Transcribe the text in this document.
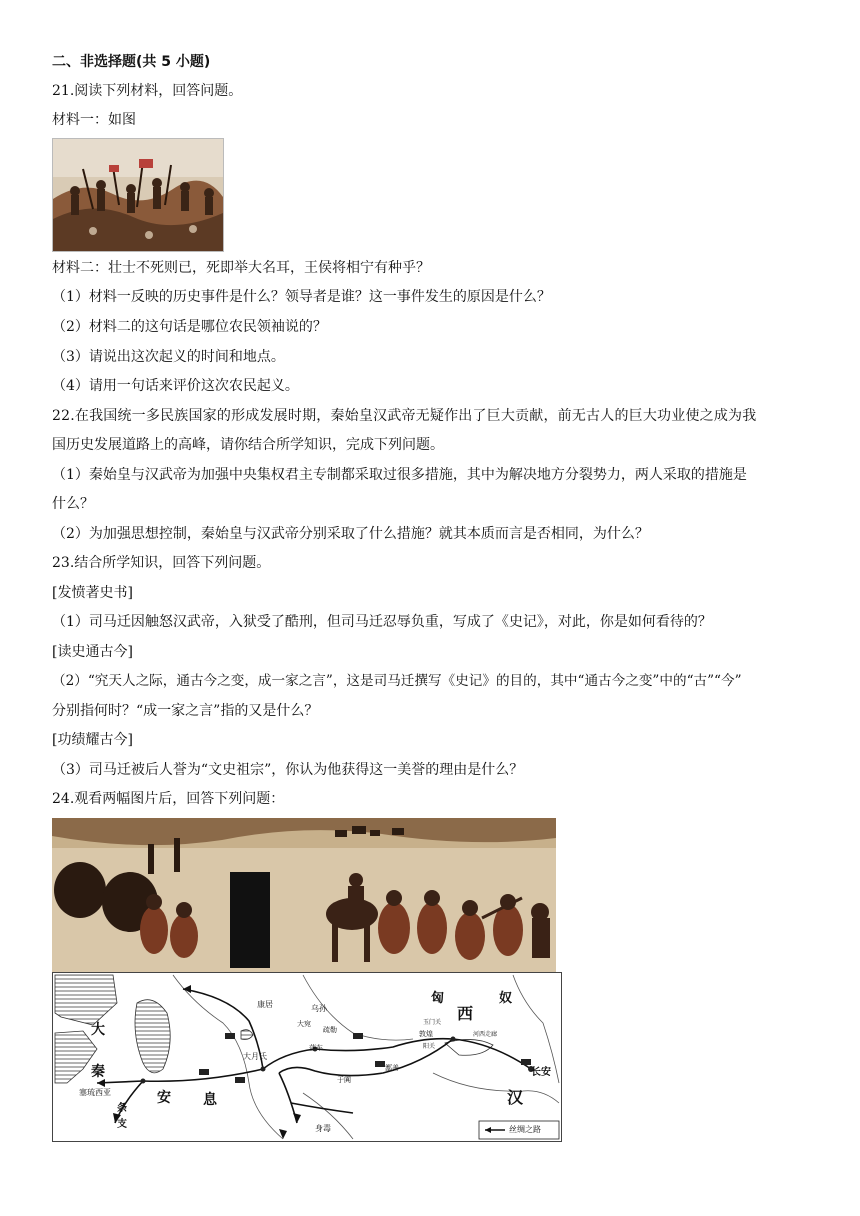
二、非选择题(共 5 小题)

21.阅读下列材料，回答问题。

材料一：如图

材料二：壮士不死则已，死即举大名耳，王侯将相宁有种乎？

（1）材料一反映的历史事件是什么？领导者是谁？这一事件发生的原因是什么？

（2）材料二的这句话是哪位农民领袖说的？

（3）请说出这次起义的时间和地点。

（4）请用一句话来评价这次农民起义。

22.在我国统一多民族国家的形成发展时期，秦始皇汉武帝无疑作出了巨大贡献，前无古人的巨大功业使之成为我

国历史发展道路上的高峰，请你结合所学知识，完成下列问题。

（1）秦始皇与汉武帝为加强中央集权君主专制都采取过很多措施，其中为解决地方分裂势力，两人采取的措施是

什么？

（2）为加强思想控制，秦始皇与汉武帝分别采取了什么措施？就其本质而言是否相同，为什么？

23.结合所学知识，回答下列问题。

[发愤著史书]

（1）司马迁因触怒汉武帝，入狱受了酷刑，但司马迁忍辱负重，写成了《史记》，对此，你是如何看待的？

[读史通古今]

（2）“究天人之际，通古今之变，成一家之言”，这是司马迁撰写《史记》的目的，其中“通古今之变”中的“古”“今”

分别指何时？“成一家之言”指的又是什么？

[功绩耀古今]

（3）司马迁被后人誉为“文史祖宗”，你认为他获得这一美誉的理由是什么？

24.观看两幅图片后，回答下列问题：

匈	奴
康居	乌孙
大宛
疏勒
玉门关
敦煌
阳关
河西走廊
西
汉
长安
大
秦
塞琉西亚
条
支
安 息
大月氏
莎车
于阗
鄯善
身毒	丝绸之路
